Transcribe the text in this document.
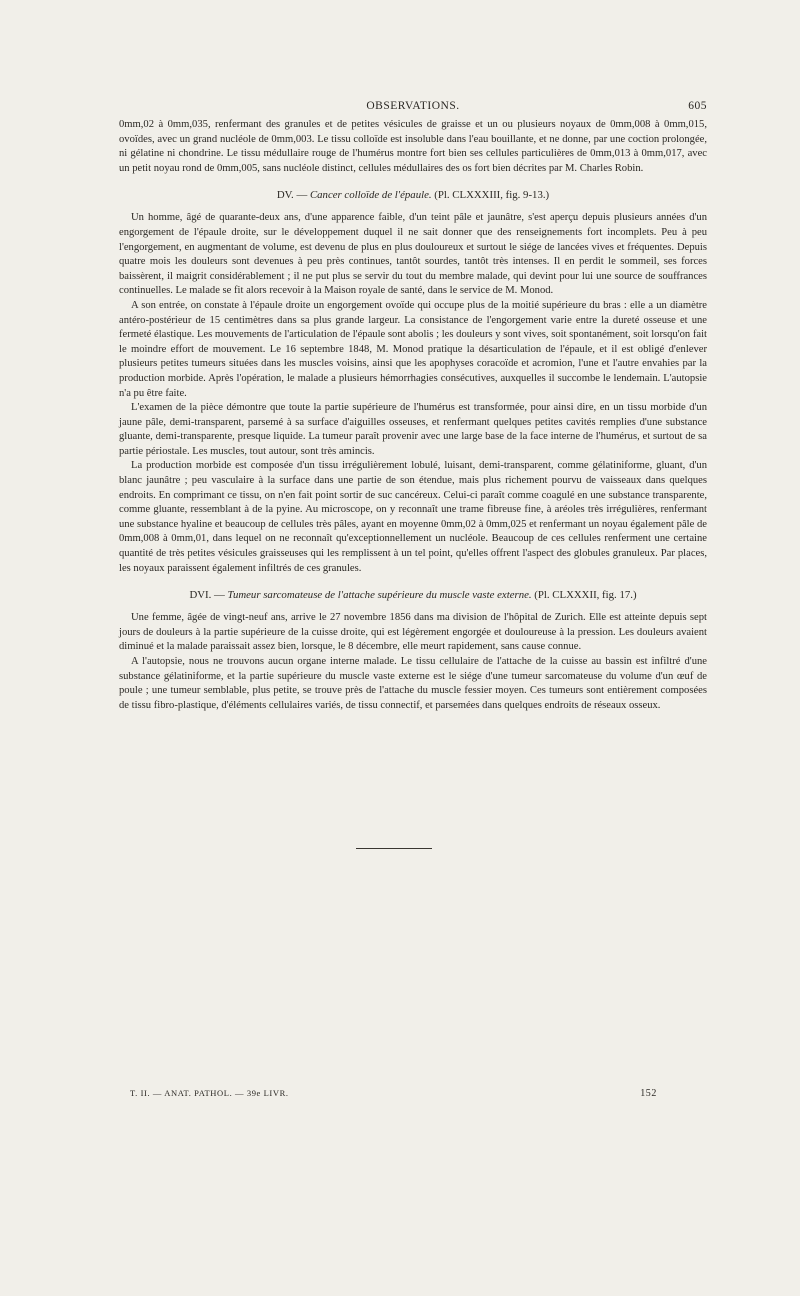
OBSERVATIONS.	605

0mm,02 à 0mm,035, renfermant des granules et de petites vésicules de graisse et un ou plusieurs noyaux de 0mm,008 à 0mm,015, ovoïdes, avec un grand nucléole de 0mm,003. Le tissu colloïde est insoluble dans l'eau bouillante, et ne donne, par une coction prolongée, ni gélatine ni chondrine. Le tissu médullaire rouge de l'humérus montre fort bien ses cellules particulières de 0mm,013 à 0mm,017, avec un petit noyau rond de 0mm,005, sans nucléole distinct, cellules médullaires des os fort bien décrites par M. Charles Robin.

DV. — Cancer colloïde de l'épaule. (Pl. CLXXXIII, fig. 9-13.)

Un homme, âgé de quarante-deux ans, d'une apparence faible, d'un teint pâle et jaunâtre, s'est aperçu depuis plusieurs années d'un engorgement de l'épaule droite, sur le développement duquel il ne sait donner que des renseignements fort incomplets. Peu à peu l'engorgement, en augmentant de volume, est devenu de plus en plus douloureux et surtout le siége de lancées vives et fréquentes. Depuis quatre mois les douleurs sont devenues à peu près continues, tantôt sourdes, tantôt très intenses. Il en perdit le sommeil, ses forces baissèrent, il maigrit considérablement ; il ne put plus se servir du tout du membre malade, qui devint pour lui une source de souffrances continuelles. Le malade se fit alors recevoir à la Maison royale de santé, dans le service de M. Monod.

A son entrée, on constate à l'épaule droite un engorgement ovoïde qui occupe plus de la moitié supérieure du bras : elle a un diamètre antéro-postérieur de 15 centimètres dans sa plus grande largeur. La consistance de l'engorgement varie entre la dureté osseuse et une fermeté élastique. Les mouvements de l'articulation de l'épaule sont abolis ; les douleurs y sont vives, soit spontanément, soit lorsqu'on fait le moindre effort de mouvement. Le 16 septembre 1848, M. Monod pratique la désarticulation de l'épaule, et il est obligé d'enlever plusieurs petites tumeurs situées dans les muscles voisins, ainsi que les apophyses coracoïde et acromion, l'une et l'autre envahies par la production morbide. Après l'opération, le malade a plusieurs hémorrhagies consécutives, auxquelles il succombe le lendemain. L'autopsie n'a pu être faite.

L'examen de la pièce démontre que toute la partie supérieure de l'humérus est transformée, pour ainsi dire, en un tissu morbide d'un jaune pâle, demi-transparent, parsemé à sa surface d'aiguilles osseuses, et renfermant quelques petites cavités remplies d'une substance gluante, demi-transparente, presque liquide. La tumeur paraît provenir avec une large base de la face interne de l'humérus, et surtout de sa partie périostale. Les muscles, tout autour, sont très amincis.

La production morbide est composée d'un tissu irrégulièrement lobulé, luisant, demi-transparent, comme gélatiniforme, gluant, d'un blanc jaunâtre ; peu vasculaire à la surface dans une partie de son étendue, mais plus richement pourvu de vaisseaux dans quelques endroits. En comprimant ce tissu, on n'en fait point sortir de suc cancéreux. Celui-ci paraît comme coagulé en une substance transparente, comme gluante, ressemblant à de la pyine. Au microscope, on y reconnaît une trame fibreuse fine, à aréoles très irrégulières, renfermant une substance hyaline et beaucoup de cellules très pâles, ayant en moyenne 0mm,02 à 0mm,025 et renfermant un noyau également pâle de 0mm,008 à 0mm,01, dans lequel on ne reconnaît qu'exceptionnellement un nucléole. Beaucoup de ces cellules renferment une certaine quantité de très petites vésicules graisseuses qui les remplissent à un tel point, qu'elles offrent l'aspect des globules granuleux. Par places, les noyaux paraissent également infiltrés de ces granules.

DVI. — Tumeur sarcomateuse de l'attache supérieure du muscle vaste externe. (Pl. CLXXXII, fig. 17.)

Une femme, âgée de vingt-neuf ans, arrive le 27 novembre 1856 dans ma division de l'hôpital de Zurich. Elle est atteinte depuis sept jours de douleurs à la partie supérieure de la cuisse droite, qui est légèrement engorgée et douloureuse à la pression. Les douleurs avaient diminué et la malade paraissait assez bien, lorsque, le 8 décembre, elle meurt rapidement, sans cause connue.

A l'autopsie, nous ne trouvons aucun organe interne malade. Le tissu cellulaire de l'attache de la cuisse au bassin est infiltré d'une substance gélatiniforme, et la partie supérieure du muscle vaste externe est le siége d'une tumeur sarcomateuse du volume d'un œuf de poule ; une tumeur semblable, plus petite, se trouve près de l'attache du muscle fessier moyen. Ces tumeurs sont entièrement composées de tissu fibro-plastique, d'éléments cellulaires variés, de tissu connectif, et parsemées dans quelques endroits de réseaux osseux.

T. II. — ANAT. PATHOL. — 39e LIVR.	152
